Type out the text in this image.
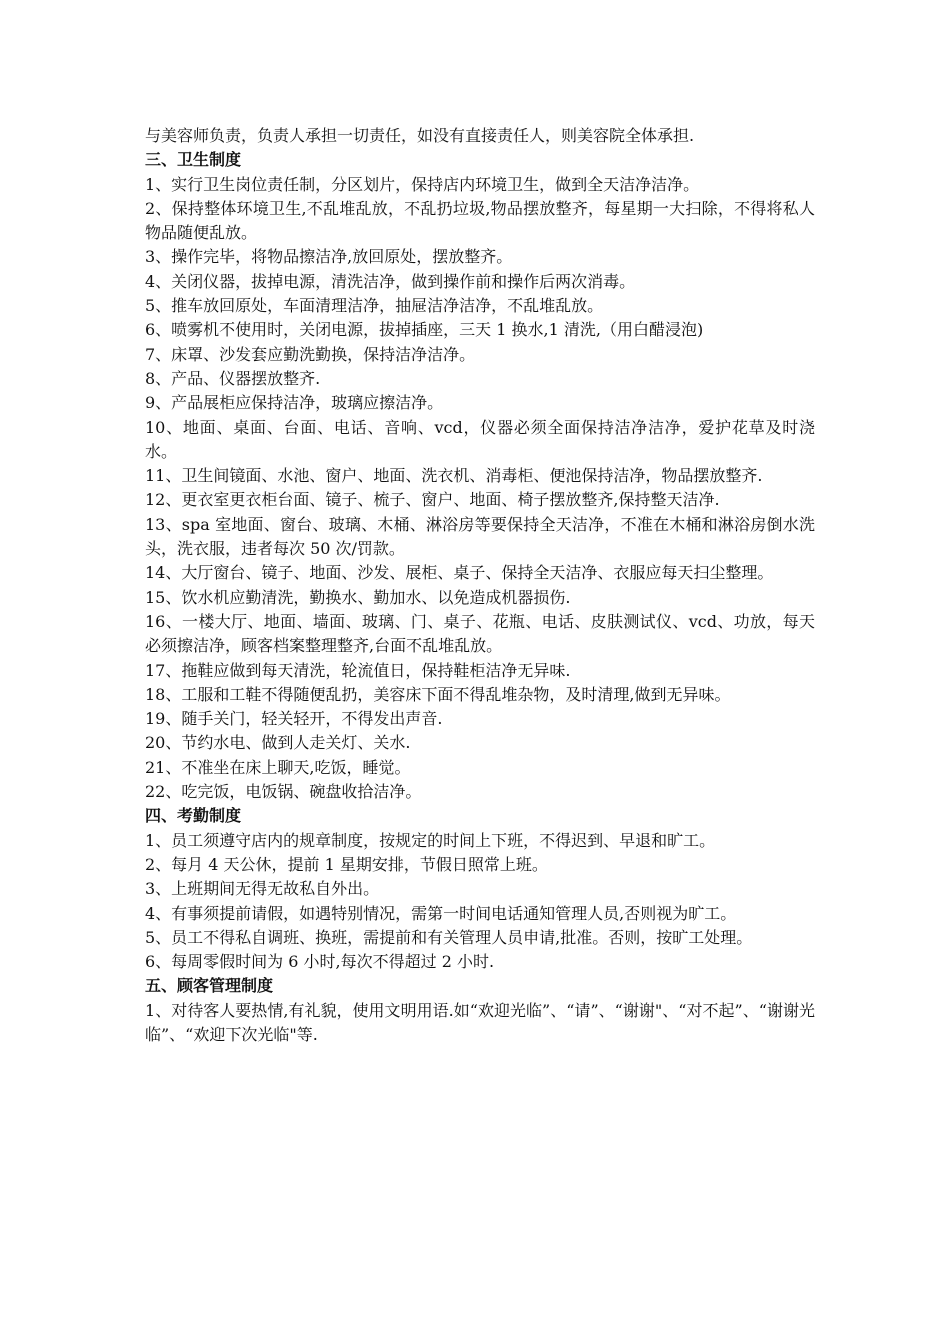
与美容师负责，负责人承担一切责任，如没有直接责任人，则美容院全体承担.

三、卫生制度

1、实行卫生岗位责任制，分区划片，保持店内环境卫生，做到全天洁净洁净。

2、保持整体环境卫生,不乱堆乱放，不乱扔垃圾,物品摆放整齐，每星期一大扫除，不得将私人物品随便乱放。

3、操作完毕，将物品擦洁净,放回原处，摆放整齐。

4、关闭仪器，拔掉电源，清洗洁净，做到操作前和操作后两次消毒。

5、推车放回原处，车面清理洁净，抽屉洁净洁净，不乱堆乱放。

6、喷雾机不使用时，关闭电源，拔掉插座，三天 1 换水,1 清洗,（用白醋浸泡)

7、床罩、沙发套应勤洗勤换，保持洁净洁净。

8、产品、仪器摆放整齐.

9、产品展柜应保持洁净，玻璃应擦洁净。

10、地面、桌面、台面、电话、音响、vcd，仪器必须全面保持洁净洁净，爱护花草及时浇水。

11、卫生间镜面、水池、窗户、地面、洗衣机、消毒柜、便池保持洁净，物品摆放整齐.

12、更衣室更衣柜台面、镜子、梳子、窗户、地面、椅子摆放整齐,保持整天洁净.

13、spa 室地面、窗台、玻璃、木桶、淋浴房等要保持全天洁净，不准在木桶和淋浴房倒水洗头，洗衣服，违者每次 50 次/罚款。

14、大厅窗台、镜子、地面、沙发、展柜、桌子、保持全天洁净、衣服应每天扫尘整理。

15、饮水机应勤清洗，勤换水、勤加水、以免造成机器损伤.

16、一楼大厅、地面、墙面、玻璃、门、桌子、花瓶、电话、皮肤测试仪、vcd、功放，每天必须擦洁净，顾客档案整理整齐,台面不乱堆乱放。

17、拖鞋应做到每天清洗，轮流值日，保持鞋柜洁净无异味.

18、工服和工鞋不得随便乱扔，美容床下面不得乱堆杂物，及时清理,做到无异味。

19、随手关门，轻关轻开，不得发出声音.

20、节约水电、做到人走关灯、关水.

21、不准坐在床上聊天,吃饭，睡觉。

22、吃完饭，电饭锅、碗盘收拾洁净。

四、考勤制度

1、员工须遵守店内的规章制度，按规定的时间上下班，不得迟到、早退和旷工。

2、每月 4 天公休，提前 1 星期安排，节假日照常上班。

3、上班期间无得无故私自外出。

4、有事须提前请假，如遇特别情况，需第一时间电话通知管理人员,否则视为旷工。

5、员工不得私自调班、换班，需提前和有关管理人员申请,批准。否则，按旷工处理。

6、每周零假时间为 6 小时,每次不得超过 2 小时.

五、顾客管理制度

1、对待客人要热情,有礼貌，使用文明用语.如“欢迎光临”、“请”、“谢谢"、“对不起”、“谢谢光临”、“欢迎下次光临"等.
